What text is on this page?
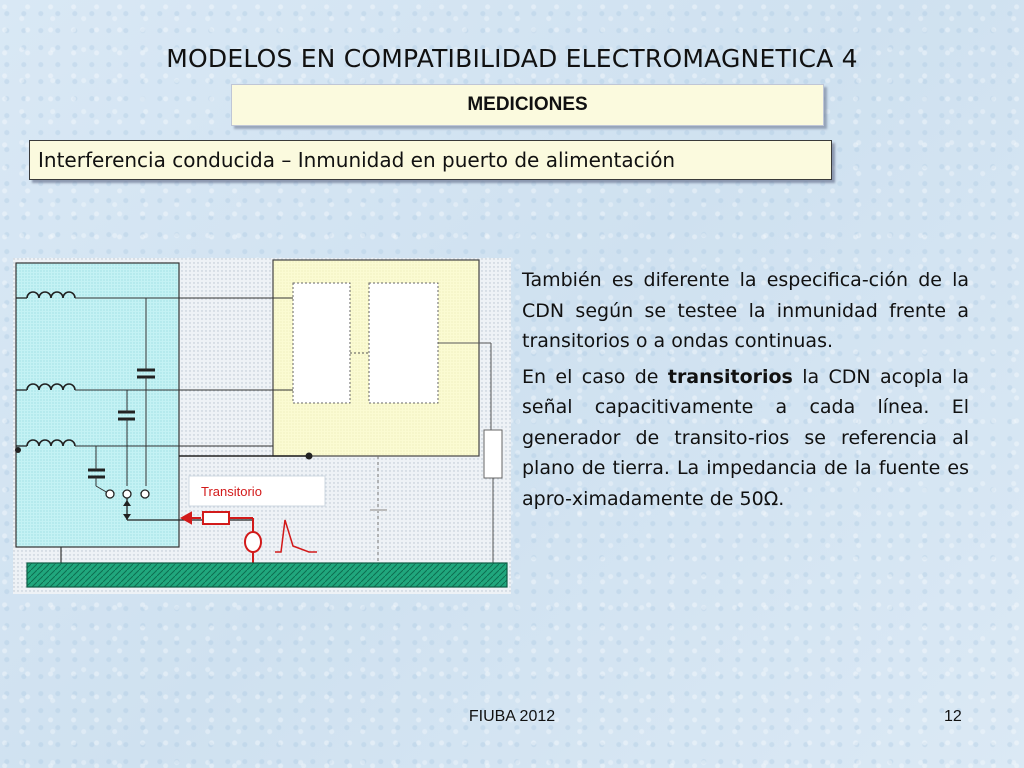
MODELOS EN COMPATIBILIDAD ELECTROMAGNETICA 4
MEDICIONES
Interferencia conducida – Inmunidad en puerto de alimentación
Transitorio

También es diferente la especifica-ción de la CDN según se testee la inmunidad frente a transitorios o a ondas continuas.

En el caso de transitorios la CDN acopla la señal capacitivamente a cada línea. El generador de transito-rios se referencia al plano de tierra. La impedancia de la fuente es apro-ximadamente de 50Ω.

FIUBA 2012	12
